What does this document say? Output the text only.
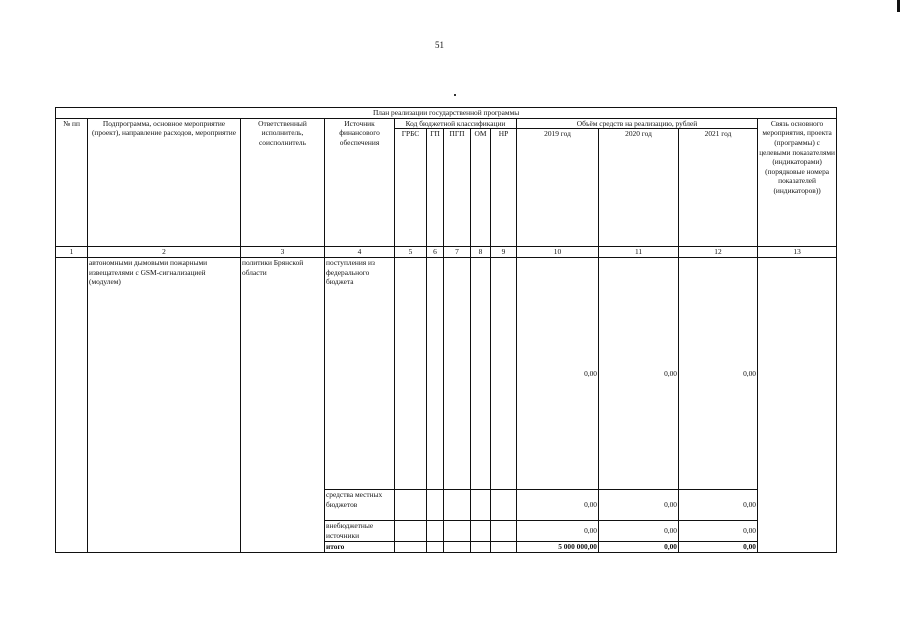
51
План реализации государственной программы												
№ пп	Подпрограмма, основное мероприятие (проект), направление расходов, мероприятие	Ответственный исполнитель, соисполнитель	Источник финансового обеспечения	Код бюджетной классификации					Объём средств на реализацию, рублей			Связь основного мероприятия, проекта (программы) с целевыми показателями (индикаторами) (порядковые номера показателей (индикаторов))
				ГРБС	ГП	ПГП	ОМ	НР	2019 год	2020 год	2021 год	
1	2	3	4	5	6	7	8	9	10	11	12	13
	автономными дымовыми пожарными извещателями с GSM-сигнализацией (модулем)	политики Брянской области	поступления из федерального бюджета						0,00	0,00	0,00	
			средства местных бюджетов						0,00	0,00	0,00	
			внебюджетные источники						0,00	0,00	0,00	
			итого						5 000 000,00	0,00	0,00	
